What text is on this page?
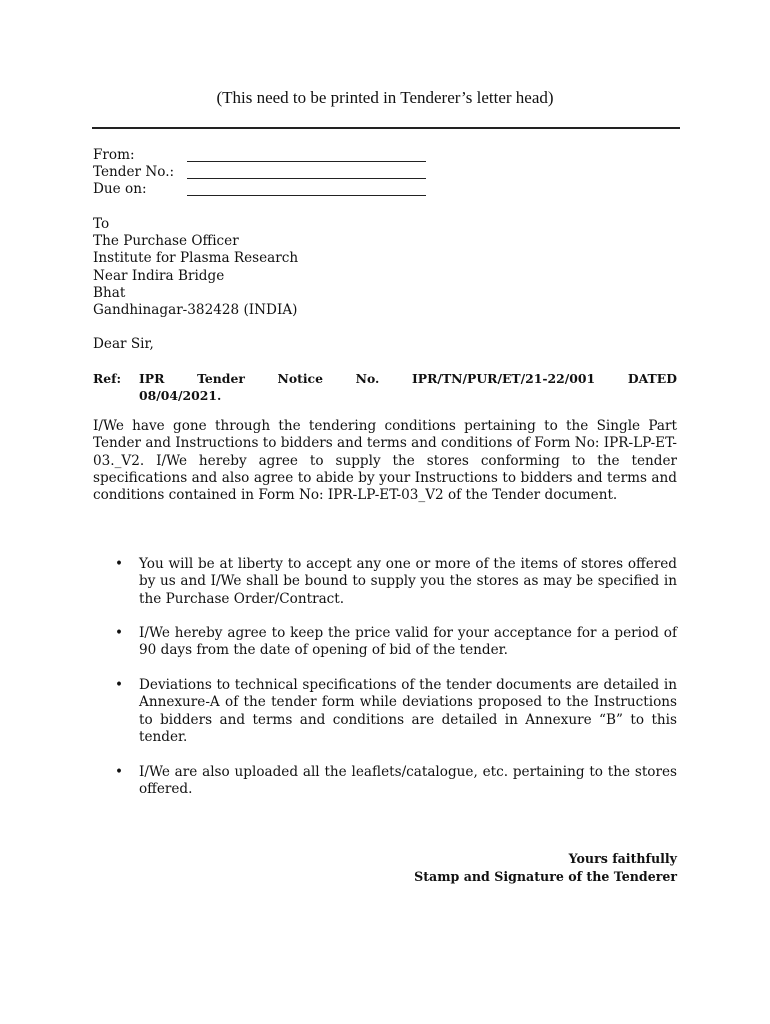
(This need to be printed in Tenderer’s letter head)
From:
Tender No.:
Due on:
To
The Purchase Officer
Institute for Plasma Research
Near Indira Bridge
Bhat
Gandhinagar-382428 (INDIA)
Dear Sir,
Ref: IPR	Tender	Notice	No.	IPR/TN/PUR/ET/21-22/001	DATED
08/04/2021.
I/We have gone through the tendering conditions pertaining to the Single Part Tender and Instructions to bidders and terms and conditions of Form No: IPR-LP-ET-03._V2. I/We hereby agree to supply the stores conforming to the tender specifications and also agree to abide by your Instructions to bidders and terms and conditions contained in Form No: IPR-LP-ET-03_V2 of the Tender document.
• You will be at liberty to accept any one or more of the items of stores offered by us and I/We shall be bound to supply you the stores as may be specified in the Purchase Order/Contract.
• I/We hereby agree to keep the price valid for your acceptance for a period of 90 days from the date of opening of bid of the tender.
• Deviations to technical specifications of the tender documents are detailed in Annexure-A of the tender form while deviations proposed to the Instructions to bidders and terms and conditions are detailed in Annexure “B” to this tender.
• I/We are also uploaded all the leaflets/catalogue, etc. pertaining to the stores offered.
Yours faithfully
Stamp and Signature of the Tenderer
